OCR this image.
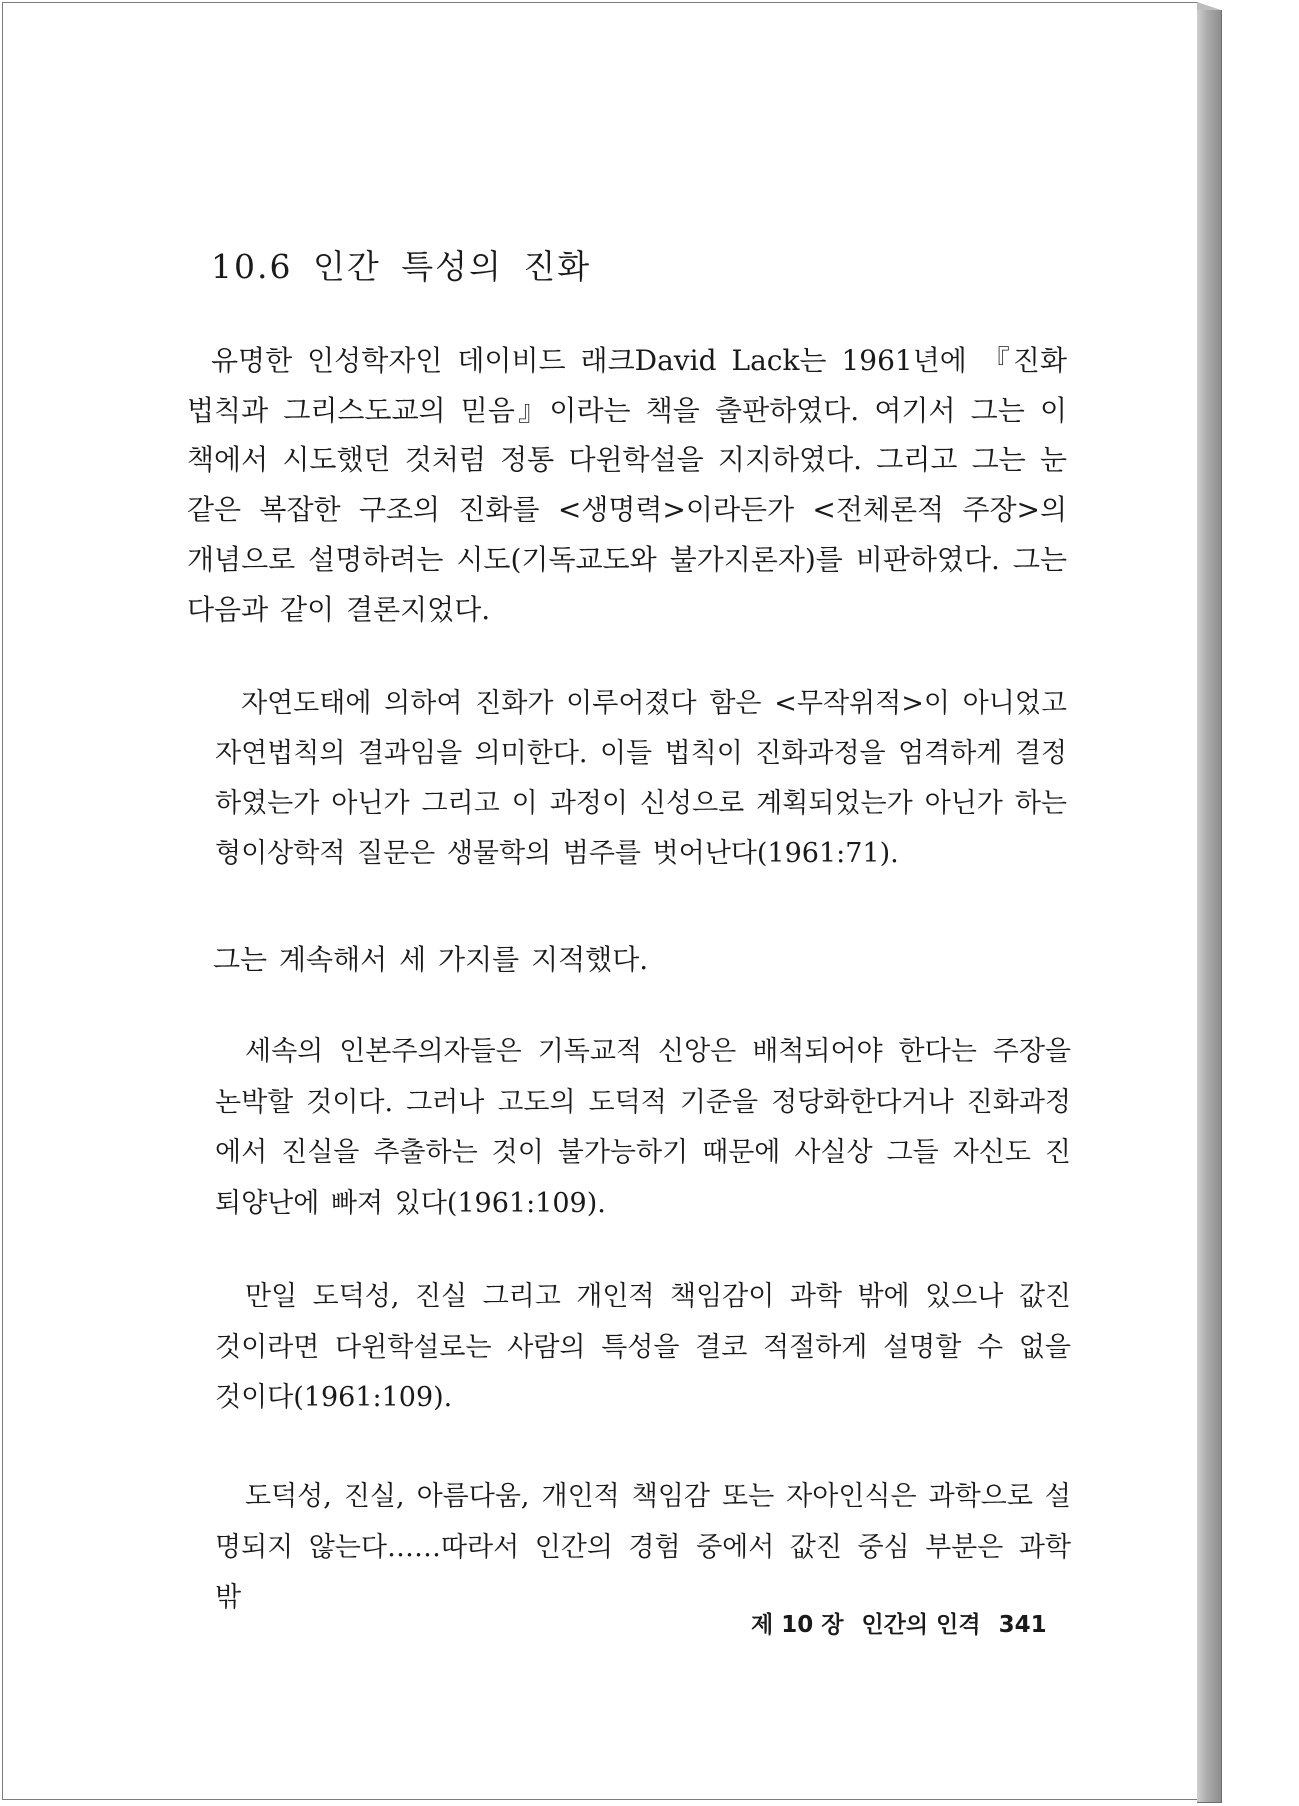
10.6 인간 특성의 진화

유명한 인성학자인 데이비드 래크David Lack는 1961년에 『진화법칙과 그리스도교의 믿음』이라는 책을 출판하였다. 여기서 그는 이 책에서 시도했던 것처럼 정통 다윈학설을 지지하였다. 그리고 그는 눈 같은 복잡한 구조의 진화를 <생명력>이라든가 <전체론적 주장>의 개념으로 설명하려는 시도(기독교도와 불가지론자)를 비판하였다. 그는 다음과 같이 결론지었다.

자연도태에 의하여 진화가 이루어졌다 함은 <무작위적>이 아니었고 자연법칙의 결과임을 의미한다. 이들 법칙이 진화과정을 엄격하게 결정하였는가 아닌가 그리고 이 과정이 신성으로 계획되었는가 아닌가 하는 형이상학적 질문은 생물학의 범주를 벗어난다(1961:71).

그는 계속해서 세 가지를 지적했다.

세속의 인본주의자들은 기독교적 신앙은 배척되어야 한다는 주장을 논박할 것이다. 그러나 고도의 도덕적 기준을 정당화한다거나 진화과정에서 진실을 추출하는 것이 불가능하기 때문에 사실상 그들 자신도 진퇴양난에 빠져 있다(1961:109).

만일 도덕성, 진실 그리고 개인적 책임감이 과학 밖에 있으나 값진 것이라면 다윈학설로는 사람의 특성을 결코 적절하게 설명할 수 없을 것이다(1961:109).

도덕성, 진실, 아름다움, 개인적 책임감 또는 자아인식은 과학으로 설명되지 않는다……따라서 인간의 경험 중에서 값진 중심 부분은 과학 밖

제 10 장 인간의 인격 341
